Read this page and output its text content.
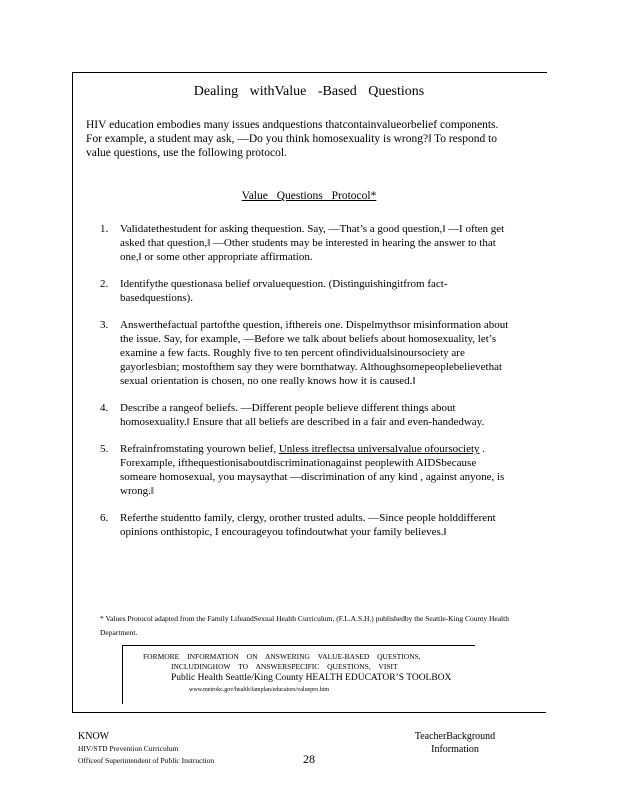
Dealing withValue -Based Questions
HIV education embodies many issues andquestions thatcontainvalueorbelief components. For example, a student may ask, —Do you think homosexuality is wrong?‖ To respond to value questions, use the following protocol.
Value Questions Protocol*
1. Validatethestudent for asking thequestion. Say, —That’s a good question,‖ —I often get asked that question,‖ —Other students may be interested in hearing the answer to that one,‖ or some other appropriate affirmation.
2. Identifythe questionasa belief orvaluequestion. (Distinguishingitfrom fact-basedquestions).
3. Answerthefactual partofthe question, ifthereis one. Dispelmythsor misinformation about the issue. Say, for example, —Before we talk about beliefs about homosexuality, let’s examine a few facts. Roughly five to ten percent ofindividualsinoursociety are gayorlesbian; mostofthem say they were bornthatway. Althoughsomepeoplebelievethat sexual orientation is chosen, no one really knows how it is caused.‖
4. Describe a rangeof beliefs. —Different people believe different things about homosexuality.‖ Ensure that all beliefs are described in a fair and even-handedway.
5. Refrainfromstating yourown belief, Unless itreflectsa universalvalue ofoursociety . Forexample, ifthequestionisaboutdiscriminationagainst peoplewith AIDSbecause someare homosexual, you maysaythat —discrimination of any kind , against anyone, is wrong.‖
6. Referthe studentto family, clergy, orother trusted adults. —Since people holddifferent opinions onthistopic, I encourageyou tofindoutwhat your family believes.‖
* Values Protocol adapted from the Family LifeandSexual Health Curriculum, (F.L.A.S.H.) publishedby the Seattle-King County Health Department.
FORMORE INFORMATION ON ANSWERING VALUE-BASED QUESTIONS,
INCLUDINGHOW TO ANSWERSPECIFIC QUESTIONS, VISIT
Public Health Seattle/King County HEALTH EDUCATOR’S TOOLBOX
www.metrokc.gov/health/famplan/educators/valuepro.htm
KNOW
HIV/STD Prevention Curriculum
Officeof Superintendent of Public Instruction	28
TeacherBackground
Information
